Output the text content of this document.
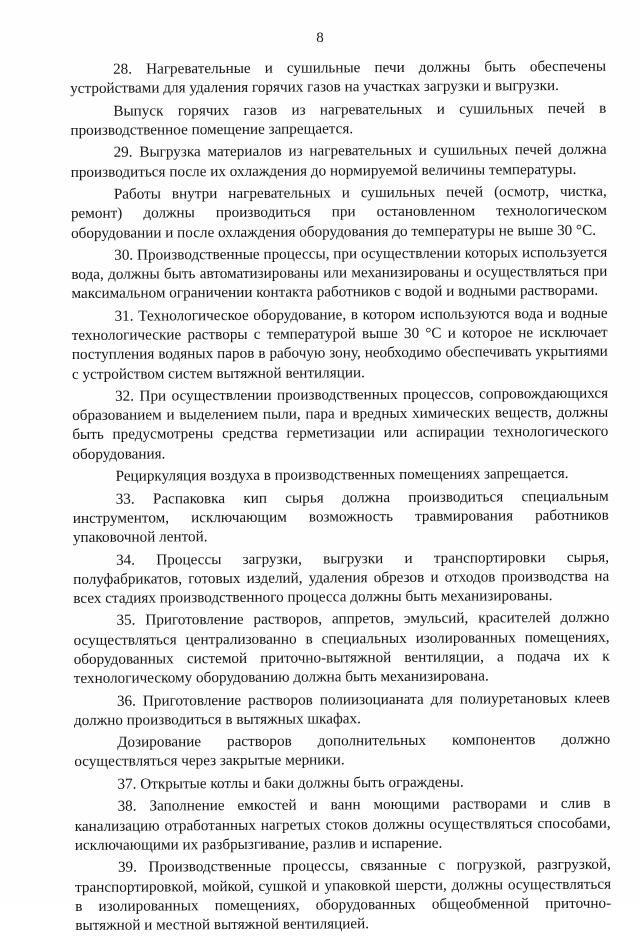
8

28. Нагревательные и сушильные печи должны быть обеспечены устройствами для удаления горячих газов на участках загрузки и выгрузки.

Выпуск горячих газов из нагревательных и сушильных печей в производственное помещение запрещается.

29. Выгрузка материалов из нагревательных и сушильных печей должна производиться после их охлаждения до нормируемой величины температуры.

Работы внутри нагревательных и сушильных печей (осмотр, чистка, ремонт) должны производиться при остановленном технологическом оборудовании и после охлаждения оборудования до температуры не выше 30 °С.

30. Производственные процессы, при осуществлении которых используется вода, должны быть автоматизированы или механизированы и осуществляться при максимальном ограничении контакта работников с водой и водными растворами.

31. Технологическое оборудование, в котором используются вода и водные технологические растворы с температурой выше 30 °С и которое не исключает поступления водяных паров в рабочую зону, необходимо обеспечивать укрытиями с устройством систем вытяжной вентиляции.

32. При осуществлении производственных процессов, сопровождающихся образованием и выделением пыли, пара и вредных химических веществ, должны быть предусмотрены средства герметизации или аспирации технологического оборудования.

Рециркуляция воздуха в производственных помещениях запрещается.

33. Распаковка кип сырья должна производиться специальным инструментом, исключающим возможность травмирования работников упаковочной лентой.

34. Процессы загрузки, выгрузки и транспортировки сырья, полуфабрикатов, готовых изделий, удаления обрезов и отходов производства на всех стадиях производственного процесса должны быть механизированы.

35. Приготовление растворов, аппретов, эмульсий, красителей должно осуществляться централизованно в специальных изолированных помещениях, оборудованных системой приточно-вытяжной вентиляции, а подача их к технологическому оборудованию должна быть механизирована.

36. Приготовление растворов полиизоцианата для полиуретановых клеев должно производиться в вытяжных шкафах.

Дозирование растворов дополнительных компонентов должно осуществляться через закрытые мерники.

37. Открытые котлы и баки должны быть ограждены.

38. Заполнение емкостей и ванн моющими растворами и слив в канализацию отработанных нагретых стоков должны осуществляться способами, исключающими их разбрызгивание, разлив и испарение.

39. Производственные процессы, связанные с погрузкой, разгрузкой, транспортировкой, мойкой, сушкой и упаковкой шерсти, должны осуществляться в изолированных помещениях, оборудованных общеобменной приточно-вытяжной и местной вытяжной вентиляцией.
